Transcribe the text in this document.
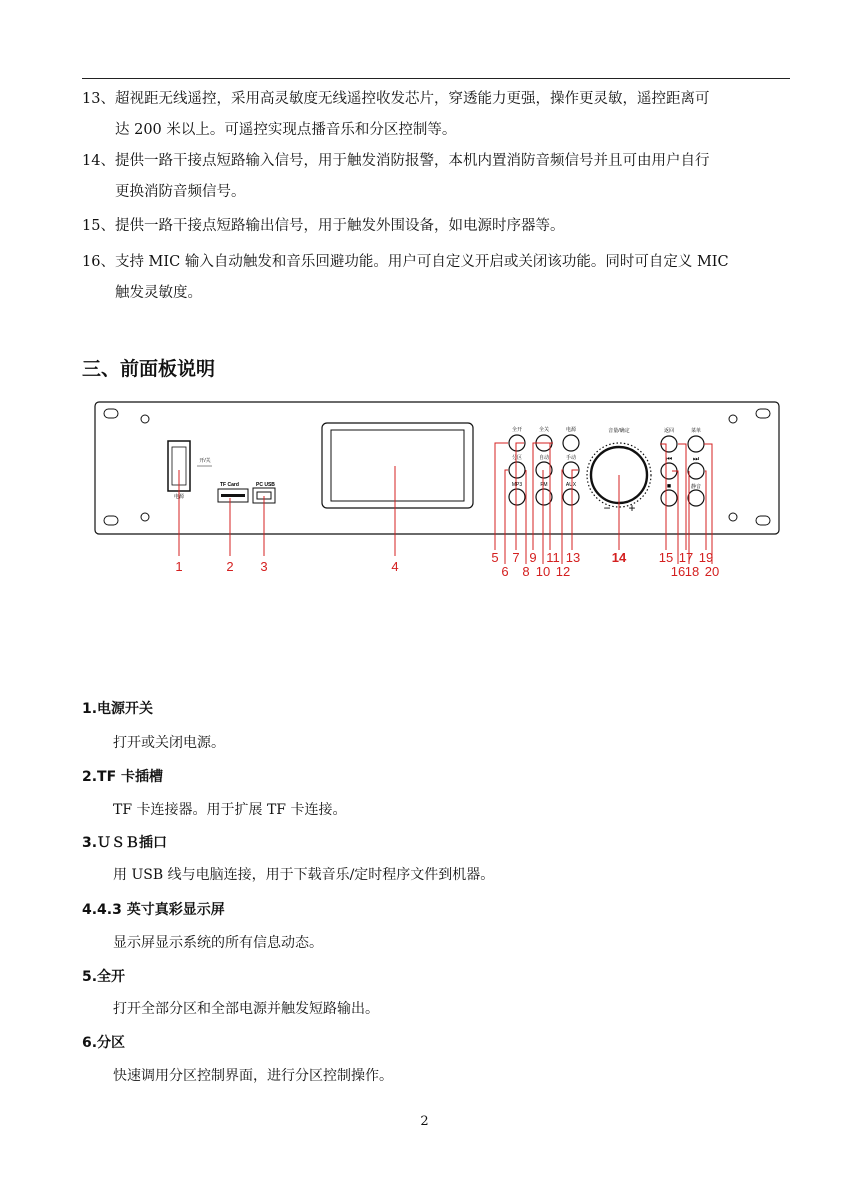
13、超视距无线遥控，采用高灵敏度无线遥控收发芯片，穿透能力更强，操作更灵敏，遥控距离可
达 200 米以上。可遥控实现点播音乐和分区控制等。
14、提供一路干接点短路输入信号，用于触发消防报警，本机内置消防音频信号并且可由用户自行
更换消防音频信号。
15、提供一路干接点短路输出信号，用于触发外围设备，如电源时序器等。
16、支持 MIC 输入自动触发和音乐回避功能。用户可自定义开启或关闭该功能。同时可自定义 MIC
触发灵敏度。
三、前面板说明
开/关
电源
TF Card	PC USB
全开	全关	电源
分区	自动	手动
MP3	FM	AUX
音量/确定
− +
返回	菜单
⏮	⏭
■	静音
1	2 3	4
5
6
7
8
9
10
11
12
13 14	15
16
17
18
19
20
1.电源开关
打开或关闭电源。
2.TF 卡插槽
TF 卡连接器。用于扩展 TF 卡连接。
3.ＵＳＢ插口
用 USB 线与电脑连接，用于下载音乐/定时程序文件到机器。
4.4.3 英寸真彩显示屏
显示屏显示系统的所有信息动态。
5.全开
打开全部分区和全部电源并触发短路输出。
6.分区
快速调用分区控制界面，进行分区控制操作。
2
